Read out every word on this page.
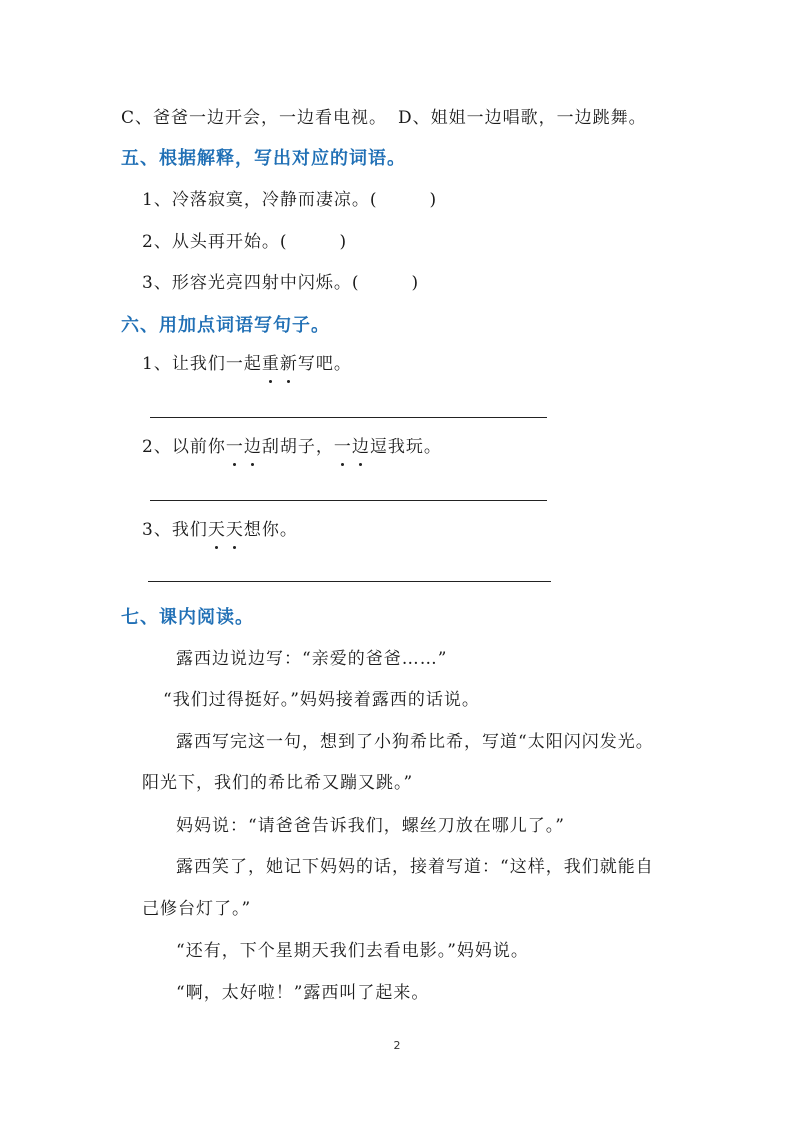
C、爸爸一边开会，一边看电视。 D、姐姐一边唱歌，一边跳舞。
五、根据解释，写出对应的词语。
1、冷落寂寞，冷静而凄凉。(	)
2、从头再开始。(	)
3、形容光亮四射中闪烁。(	)
六、用加点词语写句子。
1、让我们一起重新写吧。
2、以前你一边刮胡子，一边逗我玩。
3、我们天天想你。
七、课内阅读。
露西边说边写：“亲爱的爸爸……”
“我们过得挺好。”妈妈接着露西的话说。
露西写完这一句，想到了小狗希比希，写道“太阳闪闪发光。
阳光下，我们的希比希又蹦又跳。”
妈妈说：“请爸爸告诉我们，螺丝刀放在哪儿了。”
露西笑了，她记下妈妈的话，接着写道：“这样，我们就能自
己修台灯了。”
“还有，下个星期天我们去看电影。”妈妈说。
“啊，太好啦！”露西叫了起来。
2
